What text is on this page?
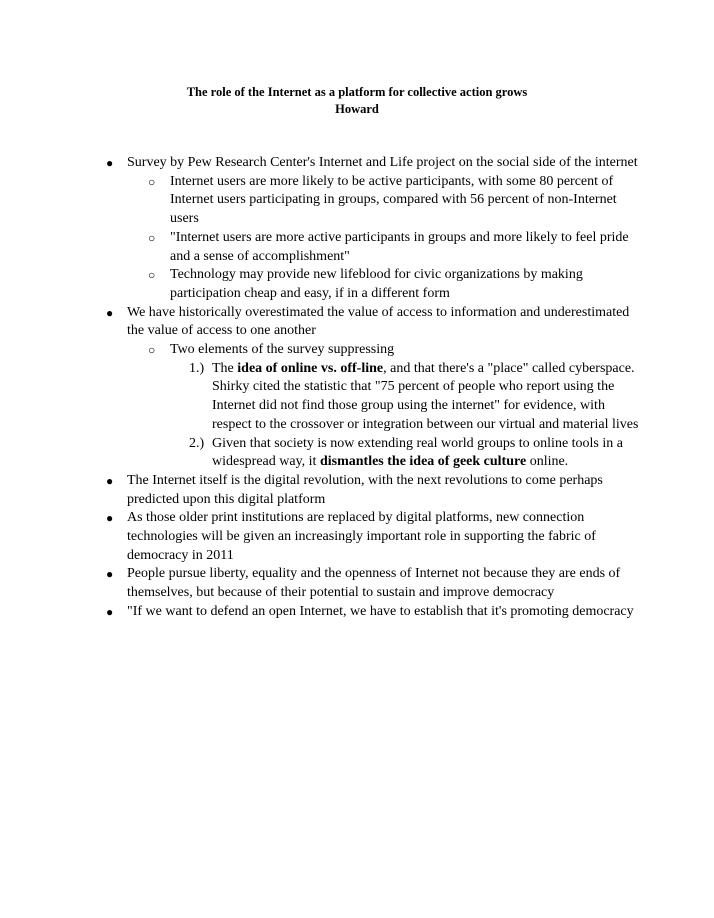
The role of the Internet as a platform for collective action grows
Howard
● Survey by Pew Research Center's Internet and Life project on the social side of the internet
○ Internet users are more likely to be active participants, with some 80 percent of Internet users participating in groups, compared with 56 percent of non-Internet users
○ "Internet users are more active participants in groups and more likely to feel pride and a sense of accomplishment"
○ Technology may provide new lifeblood for civic organizations by making participation cheap and easy, if in a different form
● We have historically overestimated the value of access to information and underestimated the value of access to one another
○ Two elements of the survey suppressing
1.) The idea of online vs. off-line, and that there's a "place" called cyberspace. Shirky cited the statistic that "75 percent of people who report using the Internet did not find those group using the internet" for evidence, with respect to the crossover or integration between our virtual and material lives
2.) Given that society is now extending real world groups to online tools in a widespread way, it dismantles the idea of geek culture online.
● The Internet itself is the digital revolution, with the next revolutions to come perhaps predicted upon this digital platform
● As those older print institutions are replaced by digital platforms, new connection technologies will be given an increasingly important role in supporting the fabric of democracy in 2011
● People pursue liberty, equality and the openness of Internet not because they are ends of themselves, but because of their potential to sustain and improve democracy
● "If we want to defend an open Internet, we have to establish that it's promoting democracy
